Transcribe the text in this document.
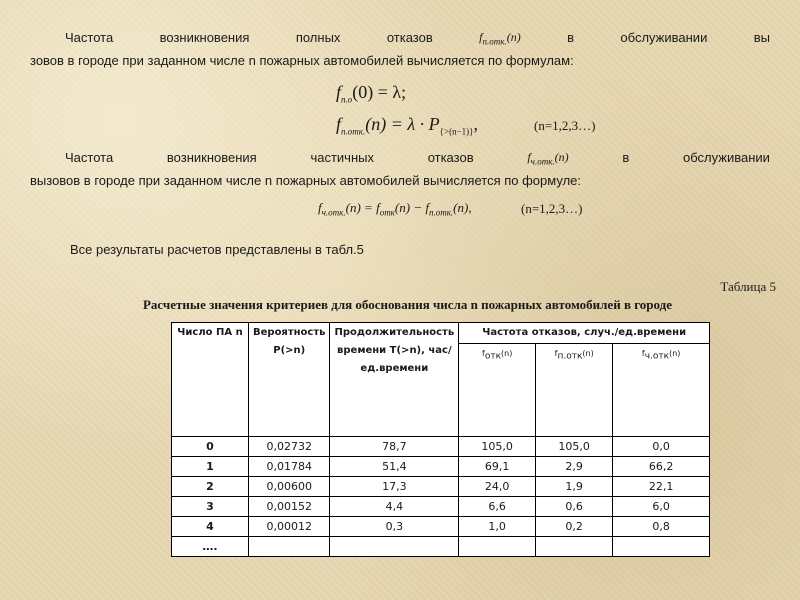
Частота	возникновения	полных	отказов	$f_{п.отк.}(n)$	в	обслуживании	вы
зовов в городе при заданном числе n пожарных автомобилей вычисляется по формулам:
$f_{п.о}(0) = \lambda$;
$f_{п.отк.}(n) = \lambda \cdot P_{\{>(n-1)\}}$,	(n=1,2,3…)
Частота	возникновения	частичных	отказов	$f_{ч.отк.}(n)$	в	обслуживании
вызовов в городе при заданном числе n пожарных автомобилей вычисляется по формуле:
$f_{ч.отк.}(n) = f_{отк}(n) - f_{п.отк.}(n)$,	(n=1,2,3…)
Все результаты расчетов представлены в табл.5
Таблица 5
Расчетные значения критериев для обоснования числа n пожарных автомобилей в городе
Число ПА n	Вероятность P(>n)	Продолжительность времени T(>n), час/ед.времени	Частота отказов, случ./ед.времени		
			$f_{отк}(n)$	$f_{п.отк}(n)$	$f_{ч.отк}(n)$
0	0,02732	78,7	105,0	105,0	0,0
1	0,01784	51,4	69,1	2,9	66,2
2	0,00600	17,3	24,0	1,9	22,1
3	0,00152	4,4	6,6	0,6	6,0
4	0,00012	0,3	1,0	0,2	0,8
….					
